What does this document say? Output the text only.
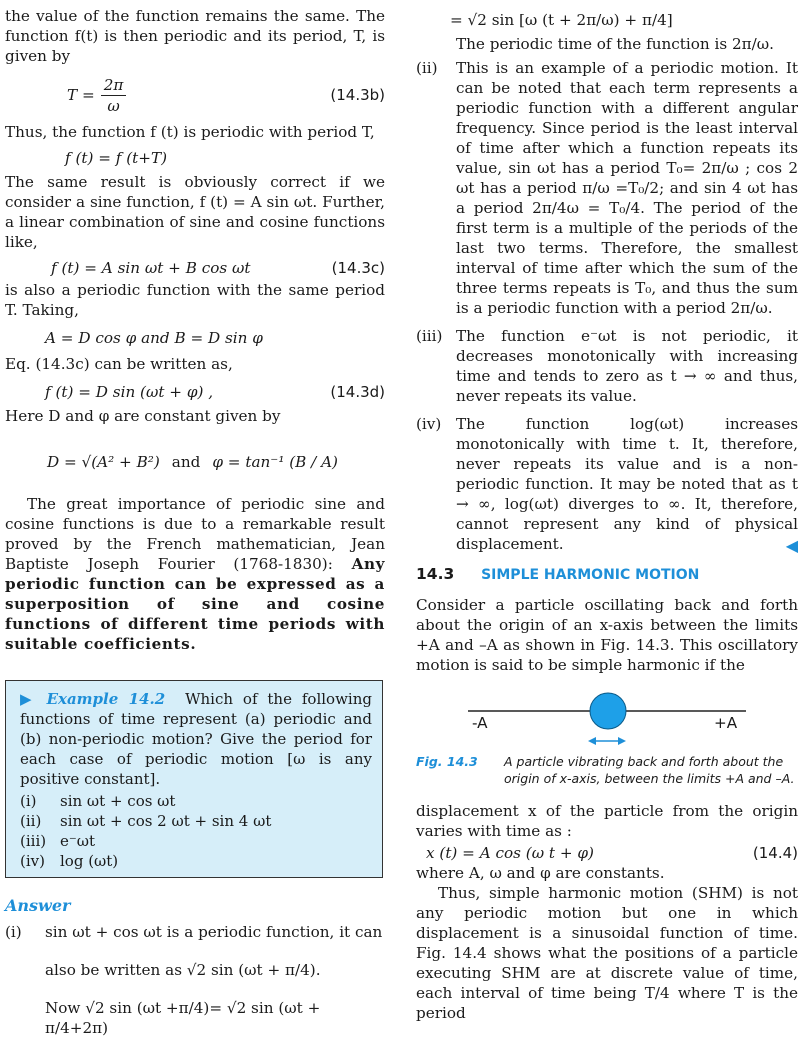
the value of the function remains the same. The function f(t) is then periodic and its period, T, is given by

$T = \frac{2\pi}{\omega}$	(14.3b)

Thus, the function f (t) is periodic with period T,

f (t) = f (t+T)

The same result is obviously correct if we consider a sine function, f (t) = A sin ωt. Further, a linear combination of sine and cosine functions like,

f (t) = A sin ωt + B cos ωt	(14.3c)

is also a periodic function with the same period T. Taking,

A = D cos φ and B = D sin φ

Eq. (14.3c) can be written as,

f (t) = D sin (ωt + φ) ,	(14.3d)

Here D and φ are constant given by

D = √(A² + B²) and φ = tan⁻¹ (B / A)

The great importance of periodic sine and cosine functions is due to a remarkable result proved by the French mathematician, Jean Baptiste Joseph Fourier (1768-1830): Any periodic function can be expressed as a superposition of sine and cosine functions of different time periods with suitable coefficients.

▶ Example 14.2 Which of the following functions of time represent (a) periodic and (b) non-periodic motion? Give the period for each case of periodic motion [ω is any positive constant].

(i)	sin ωt + cos ωt
(ii)	sin ωt + cos 2 ωt + sin 4 ωt
(iii) e⁻ωt
(iv)	log (ωt)
Answer
(i)	sin ωt + cos ωt is a periodic function, it can
also be written as √2 sin (ωt + π/4).
Now √2 sin (ωt +π/4)= √2 sin (ωt + π/4+2π)

= √2 sin [ω (t + 2π/ω) + π/4]

The periodic time of the function is 2π/ω.

(ii)	This is an example of a periodic motion. It can be noted that each term represents a periodic function with a different angular frequency. Since period is the least interval of time after which a function repeats its value, sin ωt has a period T₀= 2π/ω ; cos 2 ωt has a period π/ω =T₀/2; and sin 4 ωt has a period 2π/4ω = T₀/4. The period of the first term is a multiple of the periods of the last two terms. Therefore, the smallest interval of time after which the sum of the three terms repeats is T₀, and thus the sum is a periodic function with a period 2π/ω.

(iii) The function e⁻ωt is not periodic, it decreases monotonically with increasing time and tends to zero as t → ∞ and thus, never repeats its value.

(iv) The function log(ωt) increases monotonically with time t. It, therefore, never repeats its value and is a non-periodic function. It may be noted that as t → ∞, log(ωt) diverges to ∞. It, therefore, cannot represent any kind of physical displacement.	◀
14.3 SIMPLE HARMONIC MOTION

Consider a particle oscillating back and forth about the origin of an x-axis between the limits +A and –A as shown in Fig. 14.3. This oscillatory motion is said to be simple harmonic if the

-A	+A
Fig. 14.3	A particle vibrating back and forth about the origin of x-axis, between the limits +A and –A.

displacement x of the particle from the origin varies with time as :

x (t) = A cos (ω t + φ)	(14.4)

where A, ω and φ are constants.

Thus, simple harmonic motion (SHM) is not any periodic motion but one in which displacement is a sinusoidal function of time. Fig. 14.4 shows what the positions of a particle executing SHM are at discrete value of time, each interval of time being T/4 where T is the period
